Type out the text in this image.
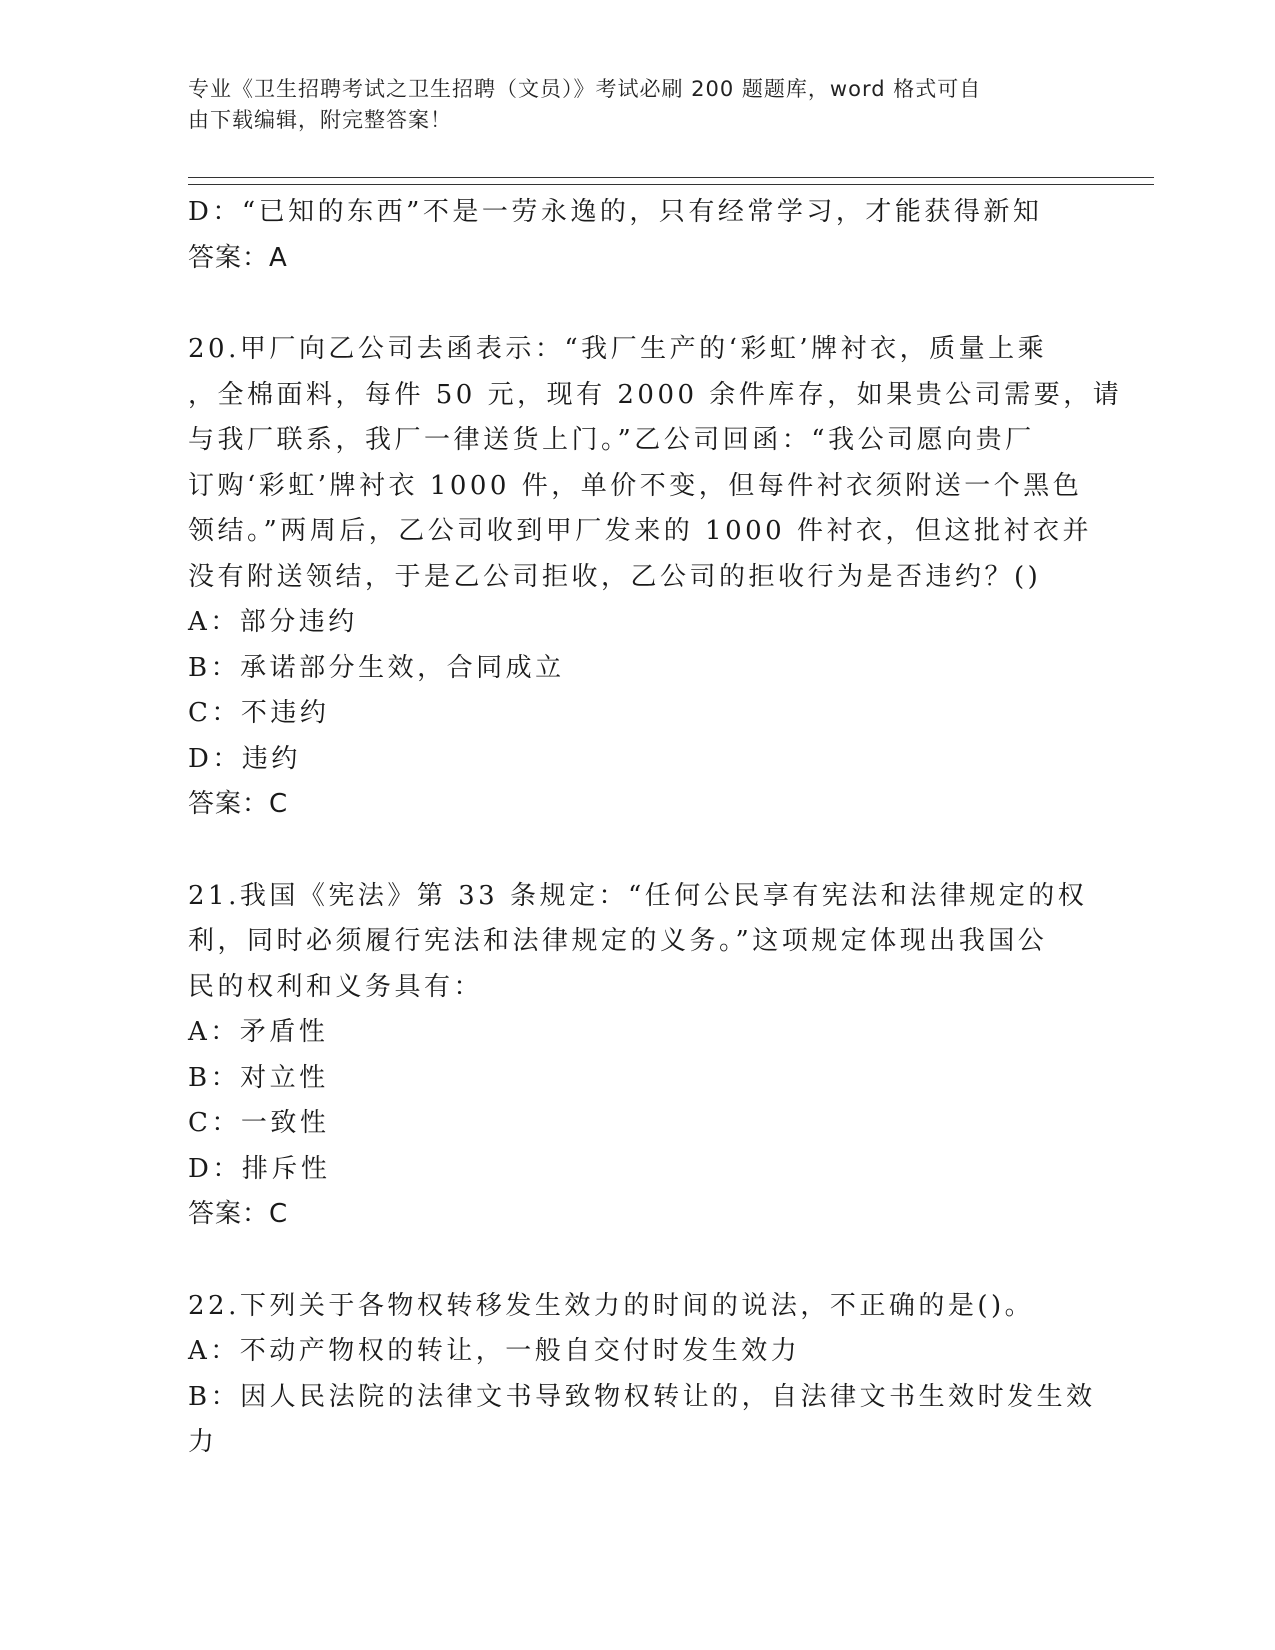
专业《卫生招聘考试之卫生招聘（文员）》考试必刷 200 题题库，word 格式可自
由下载编辑，附完整答案！
D：“已知的东西”不是一劳永逸的，只有经常学习，才能获得新知
答案：A
20.甲厂向乙公司去函表示：“我厂生产的‘彩虹’牌衬衣，质量上乘
，全棉面料，每件 50 元，现有 2000 余件库存，如果贵公司需要，请
与我厂联系，我厂一律送货上门。”乙公司回函：“我公司愿向贵厂
订购‘彩虹’牌衬衣 1000 件，单价不变，但每件衬衣须附送一个黑色
领结。”两周后，乙公司收到甲厂发来的 1000 件衬衣，但这批衬衣并
没有附送领结，于是乙公司拒收，乙公司的拒收行为是否违约？()
A：部分违约
B：承诺部分生效，合同成立
C：不违约
D：违约
答案：C
21.我国《宪法》第 33 条规定：“任何公民享有宪法和法律规定的权
利，同时必须履行宪法和法律规定的义务。”这项规定体现出我国公
民的权利和义务具有：
A：矛盾性
B：对立性
C：一致性
D：排斥性
答案：C
22.下列关于各物权转移发生效力的时间的说法，不正确的是()。
A：不动产物权的转让，一般自交付时发生效力
B：因人民法院的法律文书导致物权转让的，自法律文书生效时发生效
力
